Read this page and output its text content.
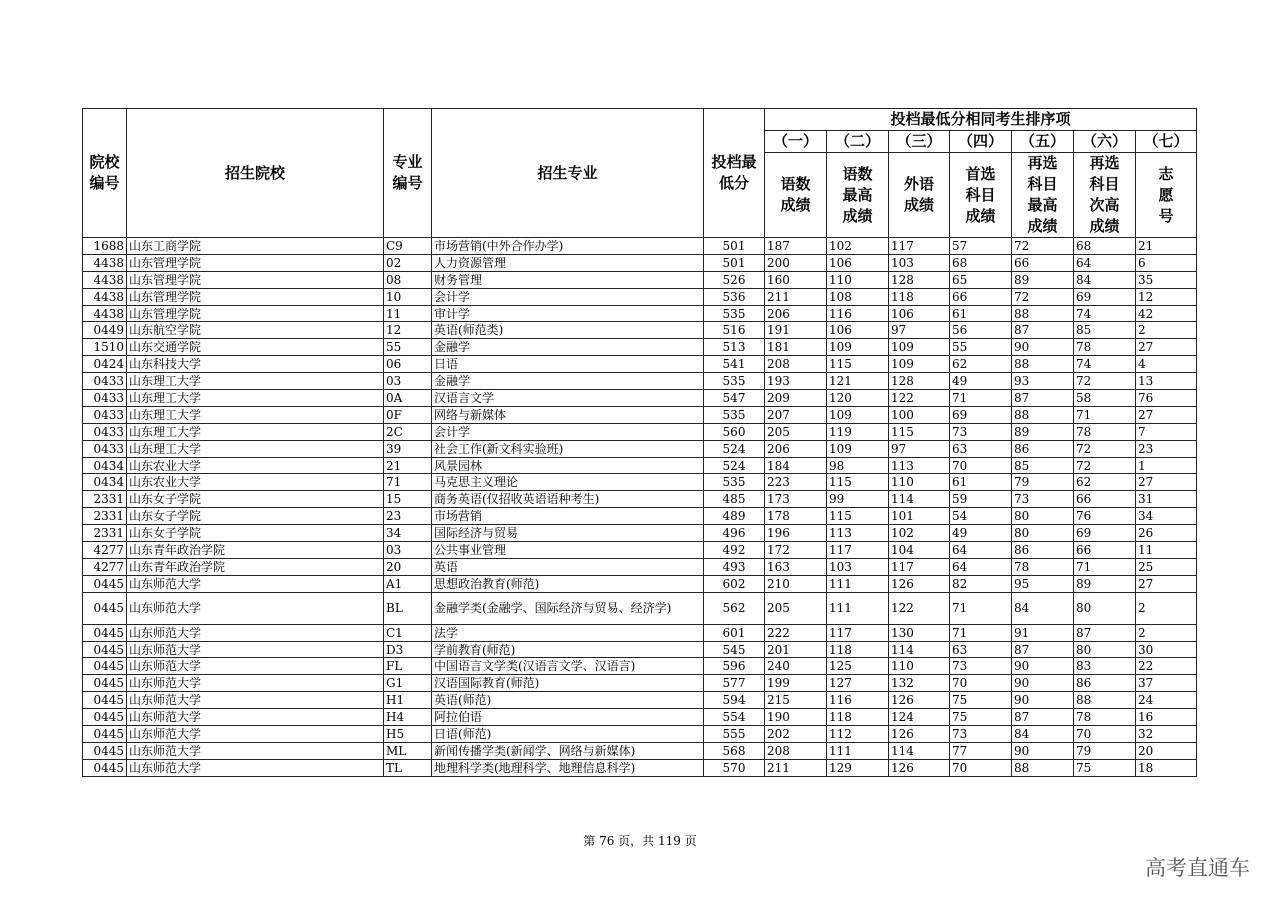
院校编号	招生院校	专业编号	招生专业	投档最低分	投档最低分相同考生排序项						
					（一）	（二）	（三）	（四）	（五）	（六）	（七）
					语数成绩	语数最高成绩	外语成绩	首选科目成绩	再选科目最高成绩	再选科目次高成绩	志愿号
1688	山东工商学院	C9	市场营销(中外合作办学)	501	187	102	117	57	72	68	21
4438	山东管理学院	02	人力资源管理	501	200	106	103	68	66	64	6
4438	山东管理学院	08	财务管理	526	160	110	128	65	89	84	35
4438	山东管理学院	10	会计学	536	211	108	118	66	72	69	12
4438	山东管理学院	11	审计学	535	206	116	106	61	88	74	42
0449	山东航空学院	12	英语(师范类)	516	191	106	97	56	87	85	2
1510	山东交通学院	55	金融学	513	181	109	109	55	90	78	27
0424	山东科技大学	06	日语	541	208	115	109	62	88	74	4
0433	山东理工大学	03	金融学	535	193	121	128	49	93	72	13
0433	山东理工大学	0A	汉语言文学	547	209	120	122	71	87	58	76
0433	山东理工大学	0F	网络与新媒体	535	207	109	100	69	88	71	27
0433	山东理工大学	2C	会计学	560	205	119	115	73	89	78	7
0433	山东理工大学	39	社会工作(新文科实验班)	524	206	109	97	63	86	72	23
0434	山东农业大学	21	风景园林	524	184	98	113	70	85	72	1
0434	山东农业大学	71	马克思主义理论	535	223	115	110	61	79	62	27
2331	山东女子学院	15	商务英语(仅招收英语语种考生)	485	173	99	114	59	73	66	31
2331	山东女子学院	23	市场营销	489	178	115	101	54	80	76	34
2331	山东女子学院	34	国际经济与贸易	496	196	113	102	49	80	69	26
4277	山东青年政治学院	03	公共事业管理	492	172	117	104	64	86	66	11
4277	山东青年政治学院	20	英语	493	163	103	117	64	78	71	25
0445	山东师范大学	A1	思想政治教育(师范)	602	210	111	126	82	95	89	27
0445	山东师范大学	BL	金融学类(金融学、国际经济与贸易、经济学)	562	205	111	122	71	84	80	2
0445	山东师范大学	C1	法学	601	222	117	130	71	91	87	2
0445	山东师范大学	D3	学前教育(师范)	545	201	118	114	63	87	80	30
0445	山东师范大学	FL	中国语言文学类(汉语言文学、汉语言)	596	240	125	110	73	90	83	22
0445	山东师范大学	G1	汉语国际教育(师范)	577	199	127	132	70	90	86	37
0445	山东师范大学	H1	英语(师范)	594	215	116	126	75	90	88	24
0445	山东师范大学	H4	阿拉伯语	554	190	118	124	75	87	78	16
0445	山东师范大学	H5	日语(师范)	555	202	112	126	73	84	70	32
0445	山东师范大学	ML	新闻传播学类(新闻学、网络与新媒体)	568	208	111	114	77	90	79	20
0445	山东师范大学	TL	地理科学类(地理科学、地理信息科学)	570	211	129	126	70	88	75	18
第 76 页，共 119 页
高考直通车
